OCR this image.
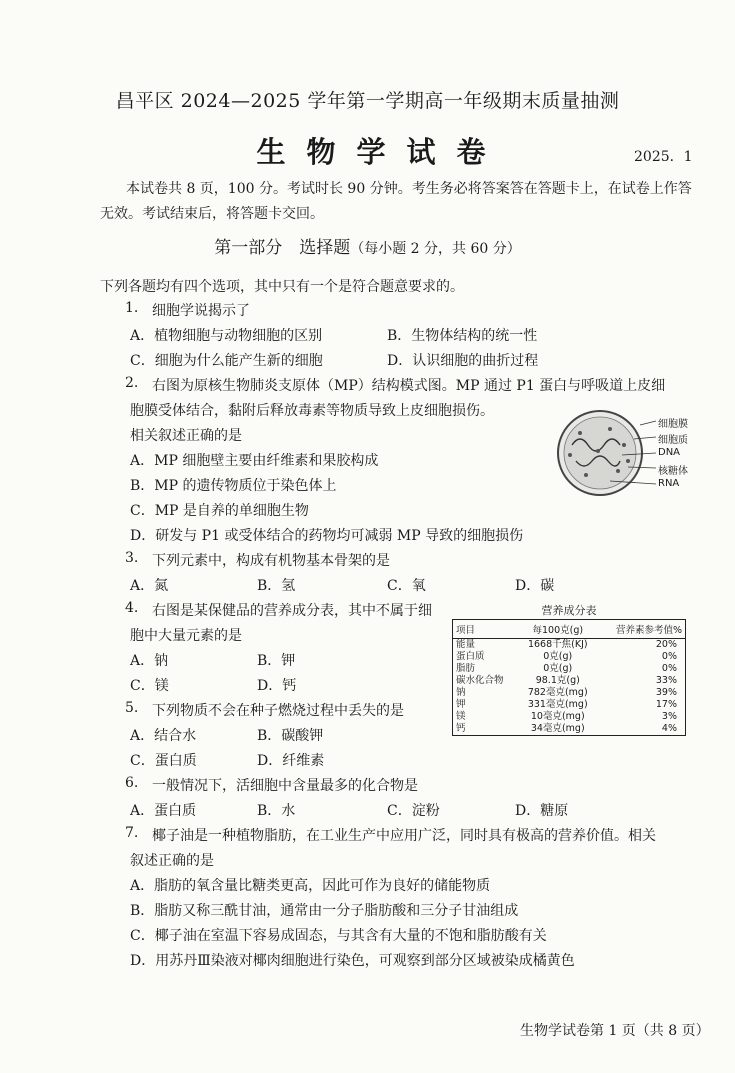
昌平区 2024—2025 学年第一学期高一年级期末质量抽测
生物学试卷	2025．1
本试卷共 8 页，100 分。考试时长 90 分钟。考生务必将答案答在答题卡上，在试卷上作答无效。考试结束后，将答题卡交回。
第一部分　选择题（每小题 2 分，共 60 分）
下列各题均有四个选项，其中只有一个是符合题意要求的。
1. 细胞学说揭示了
A．植物细胞与动物细胞的区别	B．生物体结构的统一性
C．细胞为什么能产生新的细胞	D．认识细胞的曲折过程
2. 右图为原核生物肺炎支原体（MP）结构模式图。MP 通过 P1 蛋白与呼吸道上皮细
胞膜受体结合，黏附后释放毒素等物质导致上皮细胞损伤。
相关叙述正确的是
A．MP 细胞壁主要由纤维素和果胶构成
B．MP 的遗传物质位于染色体上
C．MP 是自养的单细胞生物
D．研发与 P1 或受体结合的药物均可减弱 MP 导致的细胞损伤
细胞膜
细胞质
DNA
核糖体
RNA
3. 下列元素中，构成有机物基本骨架的是
A．氮	B．氢	C．氧	D．碳
4. 右图是某保健品的营养成分表，其中不属于细
胞中大量元素的是
A．钠	B．钾
C．镁	D．钙
营养成分表
项目	每100克(g)	营养素参考值%
能量	1668千焦(KJ)	20%
蛋白质	0克(g)	0%
脂肪	0克(g)	0%
碳水化合物	98.1克(g)	33%
钠	782毫克(mg)	39%
钾	331毫克(mg)	17%
镁	10毫克(mg)	3%
钙	34毫克(mg)	4%
5. 下列物质不会在种子燃烧过程中丢失的是
A．结合水	B．碳酸钾
C．蛋白质	D．纤维素
6. 一般情况下，活细胞中含量最多的化合物是
A．蛋白质	B．水	C．淀粉	D．糖原
7. 椰子油是一种植物脂肪，在工业生产中应用广泛，同时具有极高的营养价值。相关
叙述正确的是
A．脂肪的氧含量比糖类更高，因此可作为良好的储能物质
B．脂肪又称三酰甘油，通常由一分子脂肪酸和三分子甘油组成
C．椰子油在室温下容易成固态，与其含有大量的不饱和脂肪酸有关
D．用苏丹Ⅲ染液对椰肉细胞进行染色，可观察到部分区域被染成橘黄色
生物学试卷第 1 页（共 8 页）
